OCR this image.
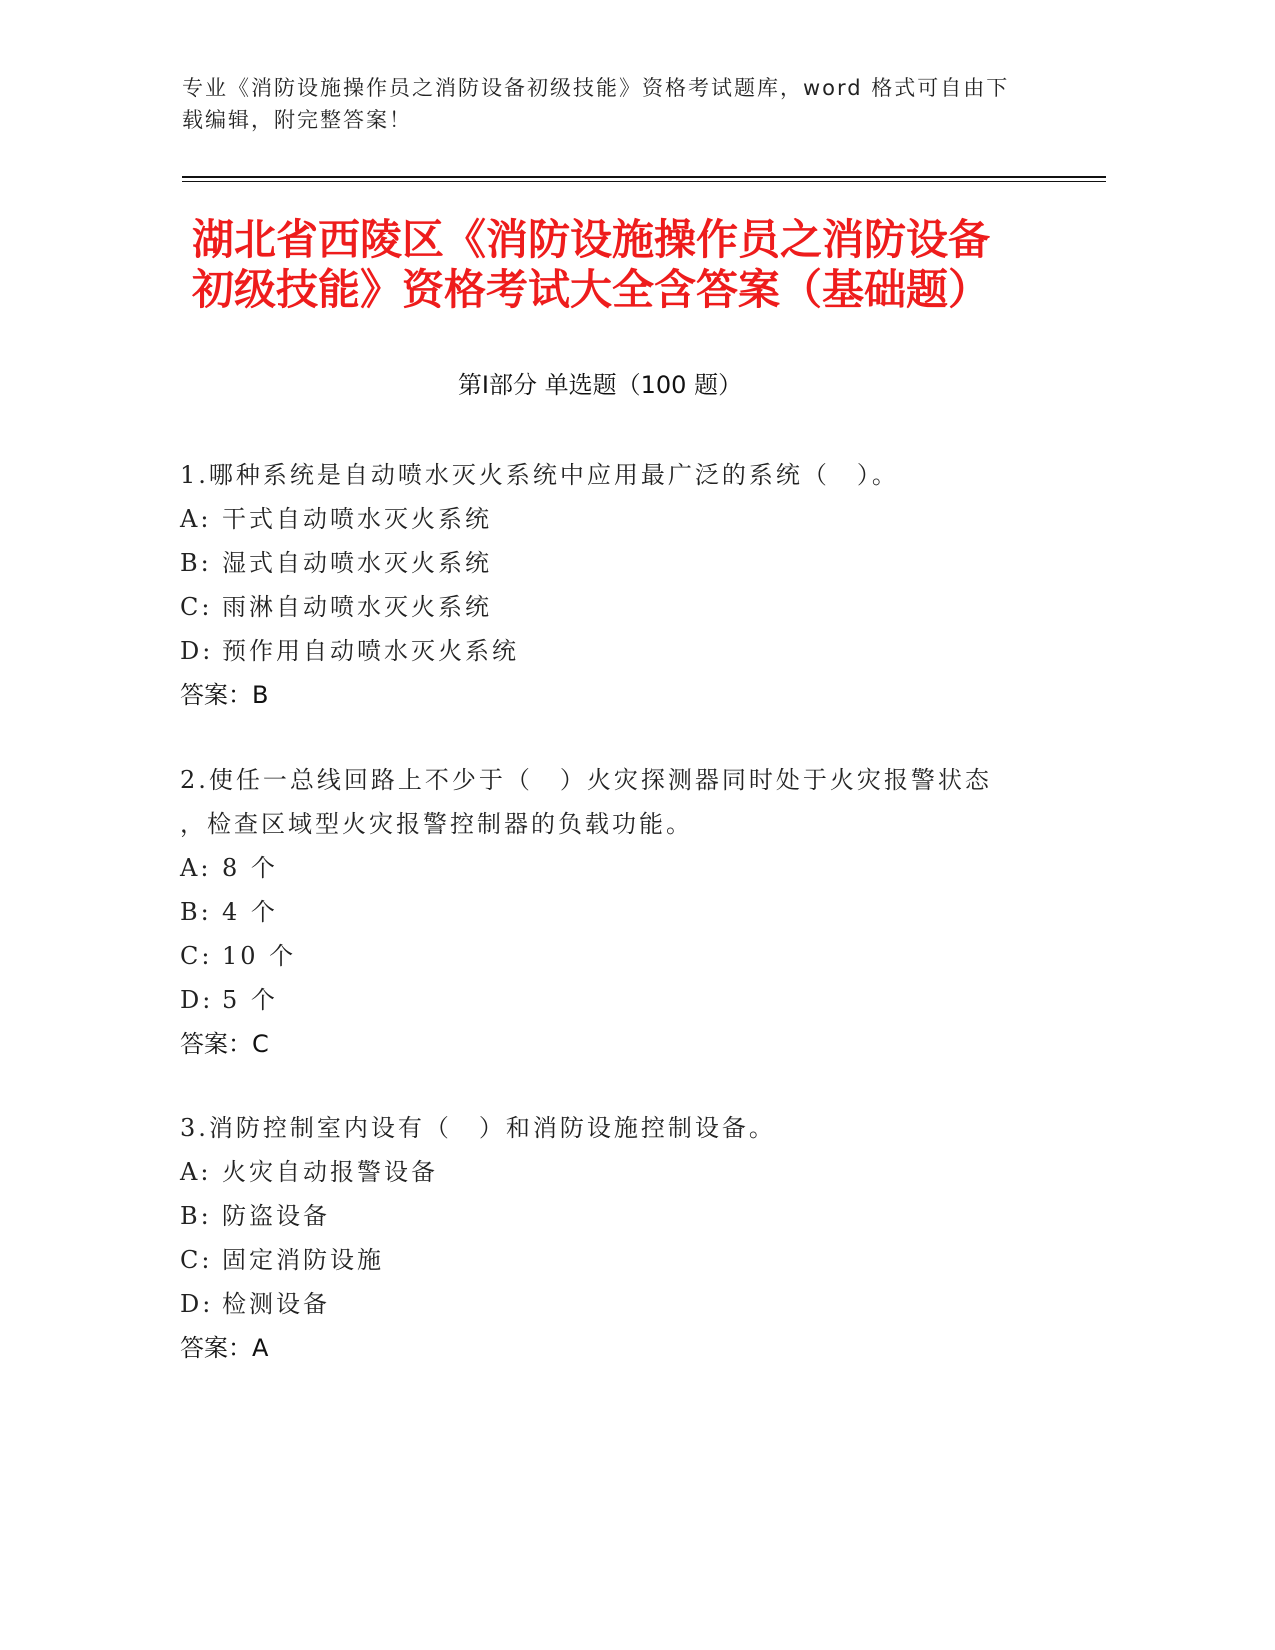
专业《消防设施操作员之消防设备初级技能》资格考试题库，word 格式可自由下
载编辑，附完整答案！
湖北省西陵区《消防设施操作员之消防设备
初级技能》资格考试大全含答案（基础题）
第Ⅰ部分 单选题（100 题）
1.哪种系统是自动喷水灭火系统中应用最广泛的系统（　）。
A: 干式自动喷水灭火系统
B: 湿式自动喷水灭火系统
C: 雨淋自动喷水灭火系统
D: 预作用自动喷水灭火系统
答案：B
2.使任一总线回路上不少于（　）火灾探测器同时处于火灾报警状态
，检查区域型火灾报警控制器的负载功能。
A: 8 个
B: 4 个
C: 10 个
D: 5 个
答案：C
3.消防控制室内设有（　）和消防设施控制设备。
A: 火灾自动报警设备
B: 防盗设备
C: 固定消防设施
D: 检测设备
答案：A
